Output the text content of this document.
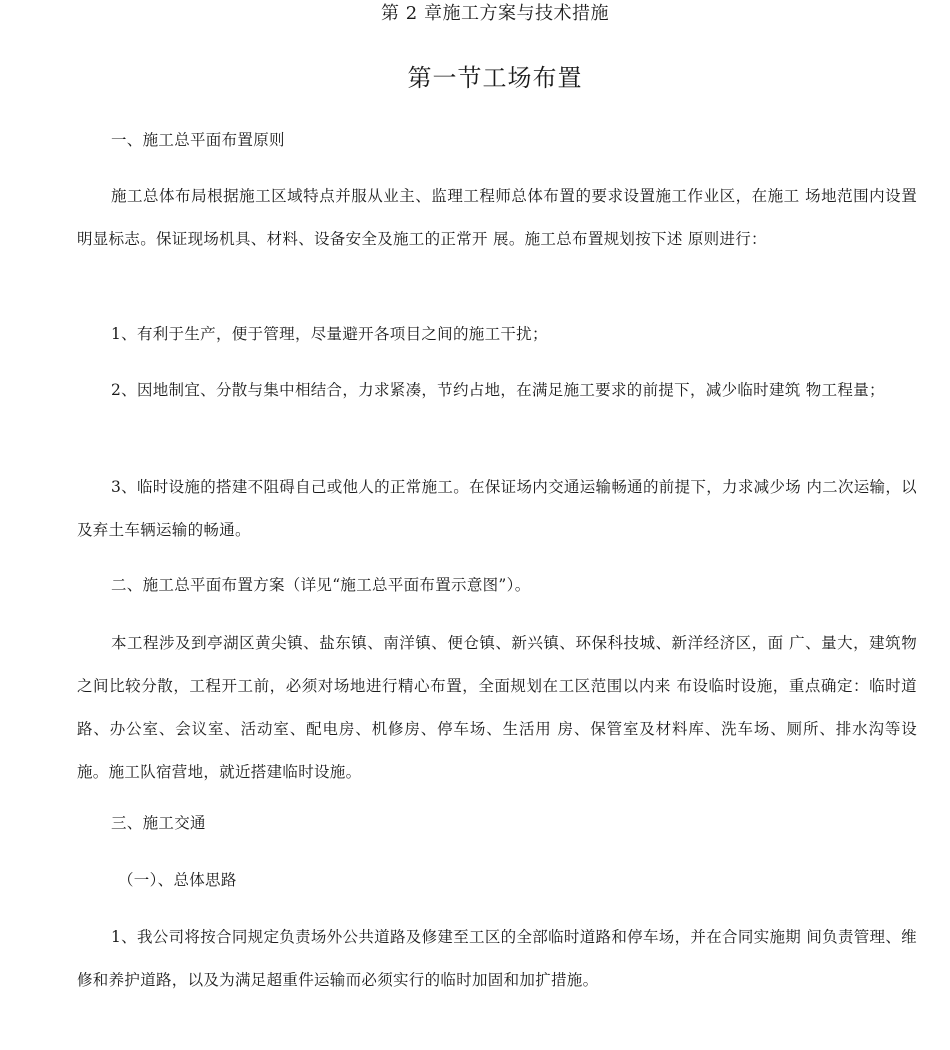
第 2 章施工方案与技术措施
第一节工场布置

一、施工总平面布置原则

施工总体布局根据施工区域特点并服从业主、监理工程师总体布置的要求设置施工作业区，在施工 场地范围内设置明显标志。保证现场机具、材料、设备安全及施工的正常开 展。施工总布置规划按下述 原则进行：

1、有利于生产，便于管理，尽量避开各项目之间的施工干扰；

2、因地制宜、分散与集中相结合，力求紧凑，节约占地，在满足施工要求的前提下，减少临时建筑 物工程量；

3、临时设施的搭建不阻碍自己或他人的正常施工。在保证场内交通运输畅通的前提下，力求减少场 内二次运输，以及弃土车辆运输的畅通。

二、施工总平面布置方案（详见“施工总平面布置示意图”）。

本工程涉及到亭湖区黄尖镇、盐东镇、南洋镇、便仓镇、新兴镇、环保科技城、新洋经济区，面 广、量大，建筑物之间比较分散，工程开工前，必须对场地进行精心布置，全面规划在工区范围以内来 布设临时设施，重点确定：临时道路、办公室、会议室、活动室、配电房、机修房、停车场、生活用 房、保管室及材料库、洗车场、厕所、排水沟等设施。施工队宿营地，就近搭建临时设施。

三、施工交通

（一）、总体思路

1、我公司将按合同规定负责场外公共道路及修建至工区的全部临时道路和停车场，并在合同实施期 间负责管理、维修和养护道路，以及为满足超重件运输而必须实行的临时加固和加扩措施。
